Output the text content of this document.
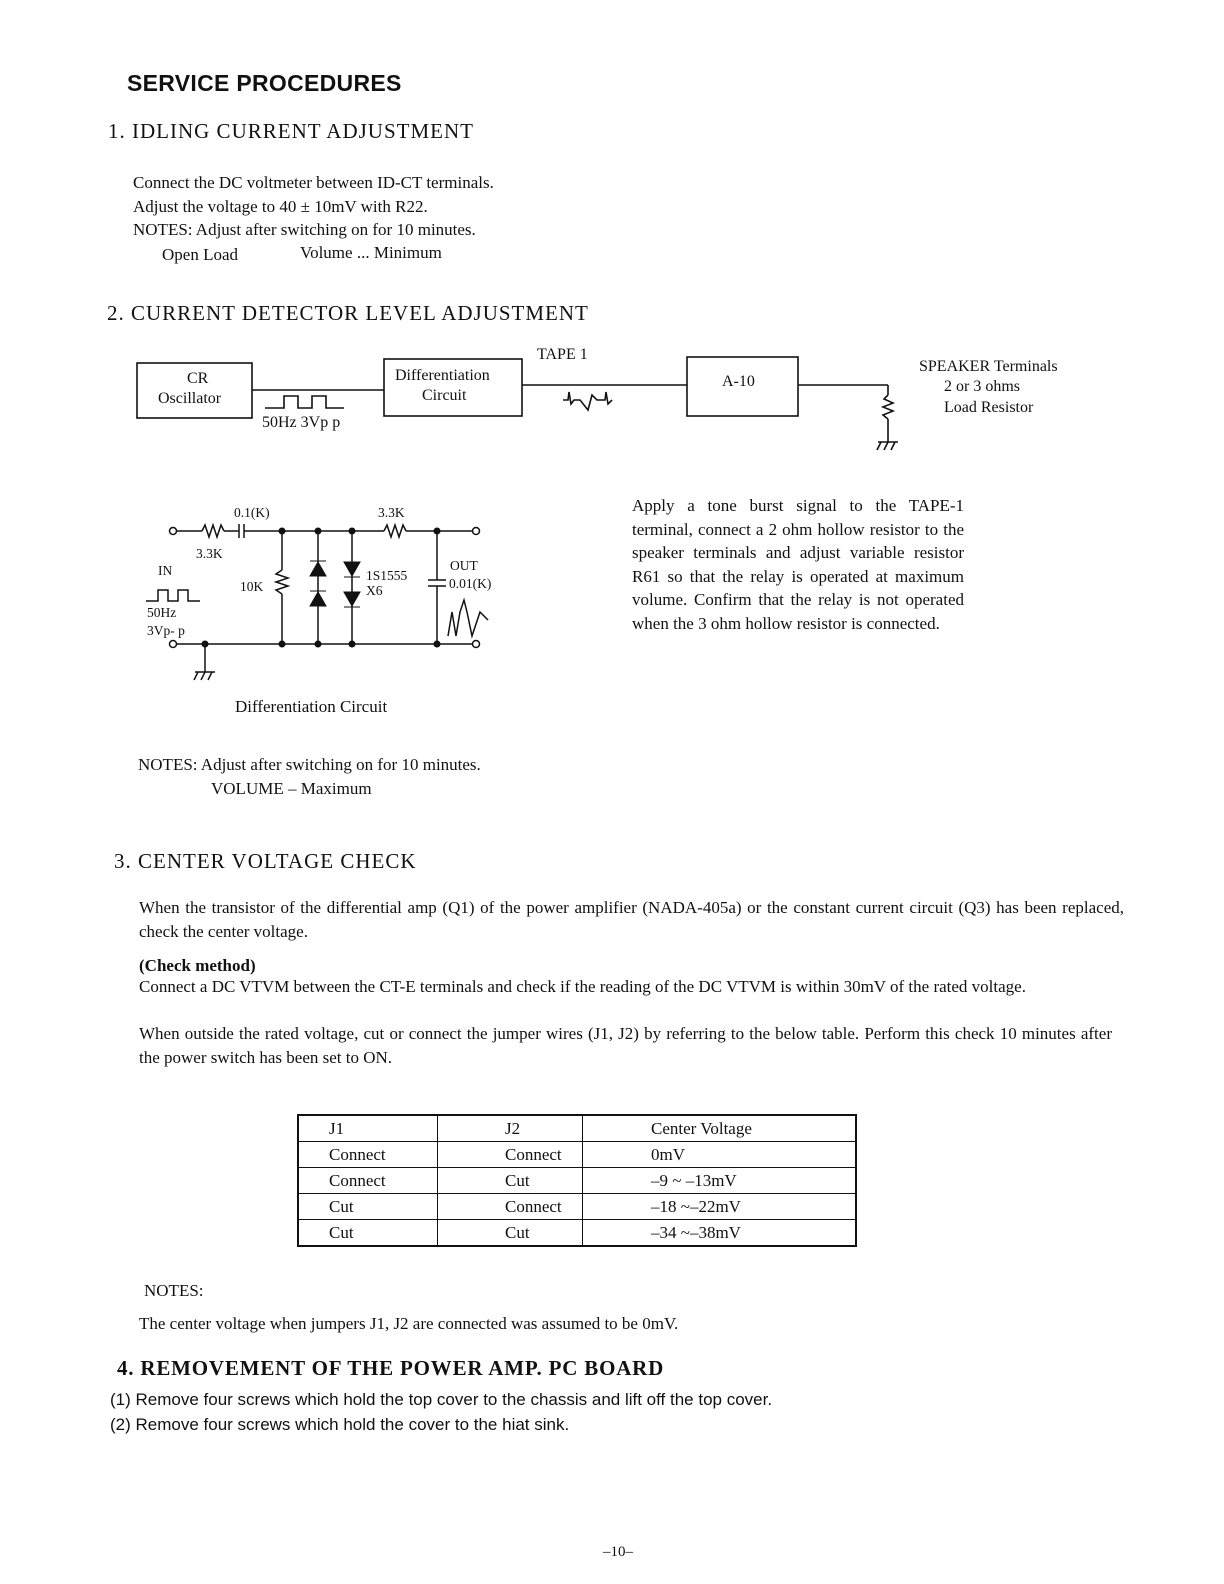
SERVICE PROCEDURES
1. IDLING CURRENT ADJUSTMENT
Connect the DC voltmeter between ID-CT terminals.
Adjust the voltage to 40 ± 10mV with R22.
NOTES: Adjust after switching on for 10 minutes.
Open Load	Volume ... Minimum
2. CURRENT DETECTOR LEVEL ADJUSTMENT
CR
Oscillator
50Hz 3Vp p
Differentiation
Circuit
TAPE 1
A-10
SPEAKER Terminals
2 or 3 ohms
Load Resistor
0.1(K)	3.3K
3.3K
IN
10K
1S1555
X6
OUT
0.01(K)
50Hz
3Vp- p
Differentiation Circuit
Apply a tone burst signal to the TAPE-1 terminal, connect a 2 ohm hollow resistor to the speaker terminals and adjust variable resistor R61 so that the relay is operated at maximum volume. Confirm that the relay is not operated when the 3 ohm hollow resistor is connected.
NOTES: Adjust after switching on for 10 minutes.
VOLUME – Maximum
3. CENTER VOLTAGE CHECK
When the transistor of the differential amp (Q1) of the power amplifier (NADA-405a) or the constant current circuit (Q3) has been replaced, check the center voltage.
(Check method)
Connect a DC VTVM between the CT-E terminals and check if the reading of the DC VTVM is within 30mV of the rated voltage.
When outside the rated voltage, cut or connect the jumper wires (J1, J2) by referring to the below table. Perform this check 10 minutes after the power switch has been set to ON.
J1	J2	Center Voltage
Connect	Connect	0mV
Connect	Cut	–9 ~ –13mV
Cut	Connect	–18 ~–22mV
Cut	Cut	–34 ~–38mV
NOTES:
The center voltage when jumpers J1, J2 are connected was assumed to be 0mV.
4. REMOVEMENT OF THE POWER AMP. PC BOARD
(1) Remove four screws which hold the top cover to the chassis and lift off the top cover.
(2) Remove four screws which hold the cover to the hiat sink.
–10–
